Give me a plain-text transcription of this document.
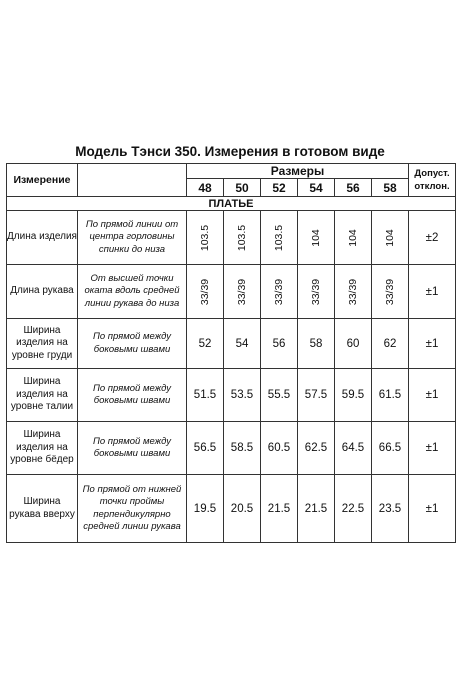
Модель Тэнси 350. Измерения в готовом виде
Измерение		Размеры						Допуст. отклон.
		48	50	52	54	56	58	
ПЛАТЬЕ								
Длина изделия	По прямой линии от центра горловины спинки до низа	103.5	103.5	103.5	104	104	104	±2
Длина рукава	От высшей точки оката вдоль средней линии рукава до низа	33/39	33/39	33/39	33/39	33/39	33/39	±1
Ширина изделия на уровне груди	По прямой между боковыми швами	52	54	56	58	60	62	±1
Ширина изделия на уровне талии	По прямой между боковыми швами	51.5	53.5	55.5	57.5	59.5	61.5	±1
Ширина изделия на уровне бёдер	По прямой между боковыми швами	56.5	58.5	60.5	62.5	64.5	66.5	±1
Ширина рукава вверху	По прямой от нижней точки проймы перпендикулярно средней линии рукава	19.5	20.5	21.5	21.5	22.5	23.5	±1
